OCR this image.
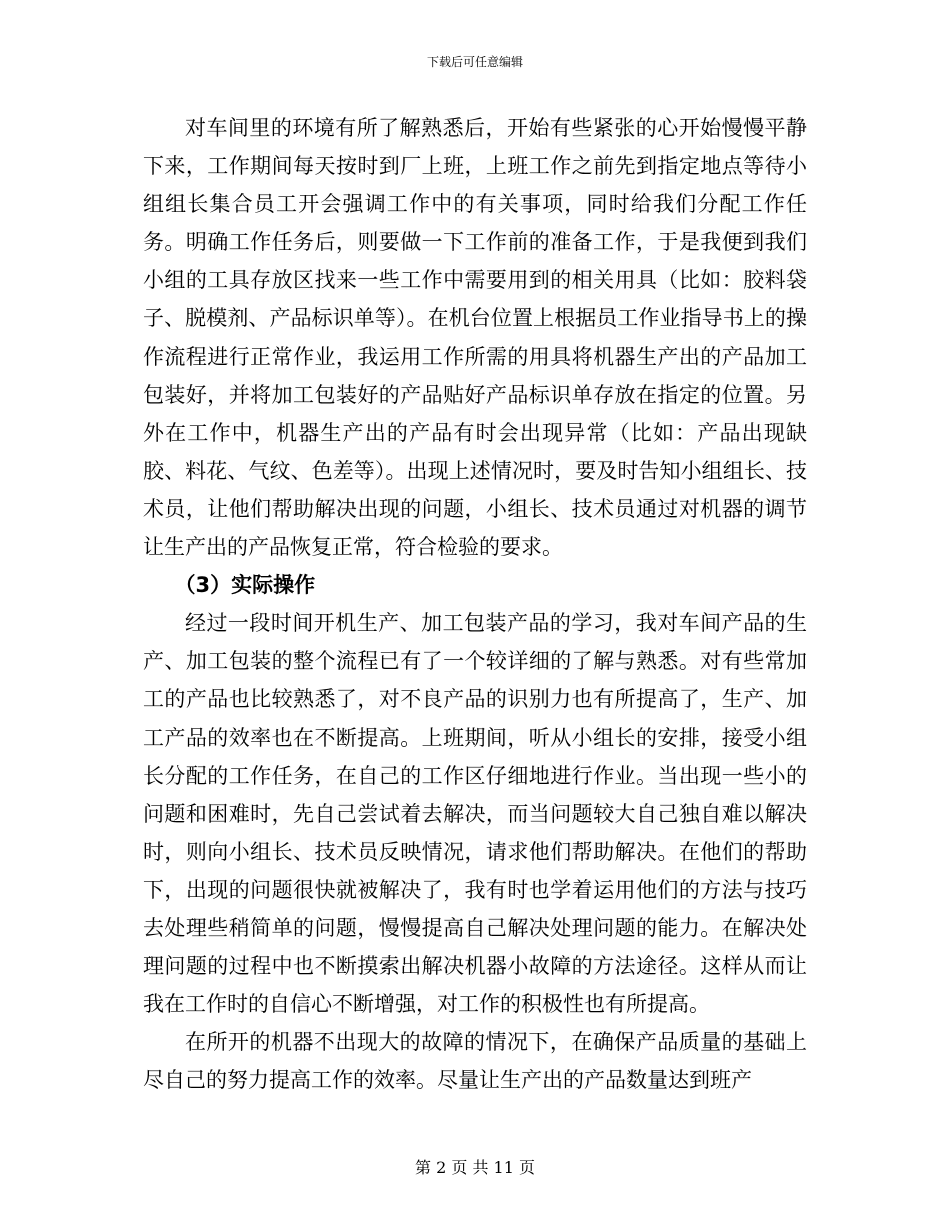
下载后可任意编辑

对车间里的环境有所了解熟悉后，开始有些紧张的心开始慢慢平静下来，工作期间每天按时到厂上班，上班工作之前先到指定地点等待小组组长集合员工开会强调工作中的有关事项，同时给我们分配工作任务。明确工作任务后，则要做一下工作前的准备工作，于是我便到我们小组的工具存放区找来一些工作中需要用到的相关用具（比如：胶料袋子、脱模剂、产品标识单等）。在机台位置上根据员工作业指导书上的操作流程进行正常作业，我运用工作所需的用具将机器生产出的产品加工包装好，并将加工包装好的产品贴好产品标识单存放在指定的位置。另外在工作中，机器生产出的产品有时会出现异常（比如：产品出现缺胶、料花、气纹、色差等）。出现上述情况时，要及时告知小组组长、技术员，让他们帮助解决出现的问题，小组长、技术员通过对机器的调节让生产出的产品恢复正常，符合检验的要求。

（3）实际操作

经过一段时间开机生产、加工包装产品的学习，我对车间产品的生产、加工包装的整个流程已有了一个较详细的了解与熟悉。对有些常加工的产品也比较熟悉了，对不良产品的识别力也有所提高了，生产、加工产品的效率也在不断提高。上班期间，听从小组长的安排，接受小组长分配的工作任务，在自己的工作区仔细地进行作业。当出现一些小的问题和困难时，先自己尝试着去解决，而当问题较大自己独自难以解决时，则向小组长、技术员反映情况，请求他们帮助解决。在他们的帮助下，出现的问题很快就被解决了，我有时也学着运用他们的方法与技巧去处理些稍简单的问题，慢慢提高自己解决处理问题的能力。在解决处理问题的过程中也不断摸索出解决机器小故障的方法途径。这样从而让我在工作时的自信心不断增强，对工作的积极性也有所提高。

在所开的机器不出现大的故障的情况下，在确保产品质量的基础上尽自己的努力提高工作的效率。尽量让生产出的产品数量达到班产

第 2 页 共 11 页
